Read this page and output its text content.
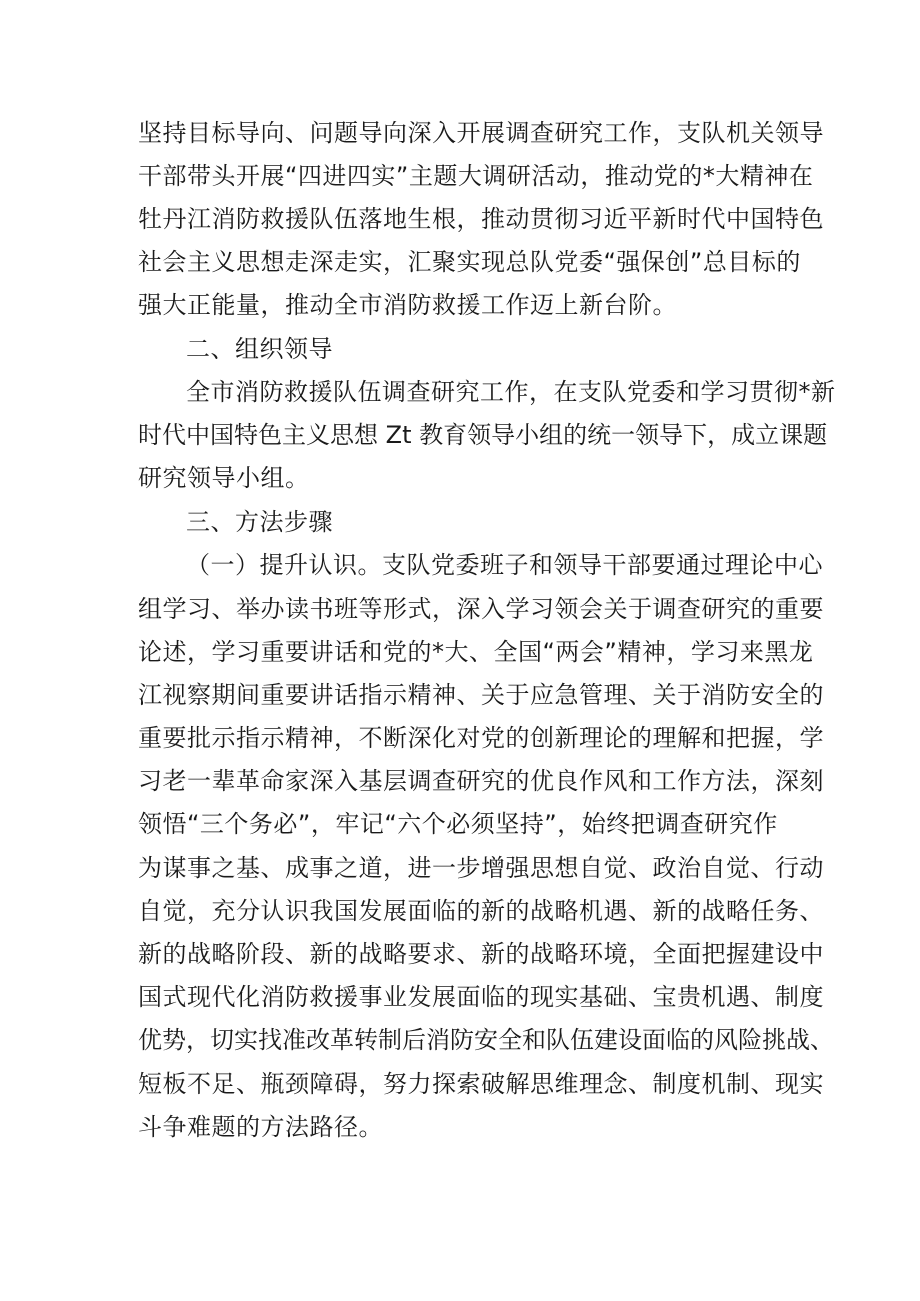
坚持目标导向、问题导向深入开展调查研究工作，支队机关领导
干部带头开展“四进四实”主题大调研活动，推动党的*大精神在
牡丹江消防救援队伍落地生根，推动贯彻习近平新时代中国特色
社会主义思想走深走实，汇聚实现总队党委“强保创”总目标的
强大正能量，推动全市消防救援工作迈上新台阶。
二、组织领导
全市消防救援队伍调查研究工作，在支队党委和学习贯彻*新
时代中国特色主义思想 Zt 教育领导小组的统一领导下，成立课题
研究领导小组。
三、方法步骤
（一）提升认识。支队党委班子和领导干部要通过理论中心
组学习、举办读书班等形式，深入学习领会关于调查研究的重要
论述，学习重要讲话和党的*大、全国“两会”精神，学习来黑龙
江视察期间重要讲话指示精神、关于应急管理、关于消防安全的
重要批示指示精神，不断深化对党的创新理论的理解和把握，学
习老一辈革命家深入基层调查研究的优良作风和工作方法，深刻
领悟“三个务必”，牢记“六个必须坚持”，始终把调查研究作
为谋事之基、成事之道，进一步增强思想自觉、政治自觉、行动
自觉，充分认识我国发展面临的新的战略机遇、新的战略任务、
新的战略阶段、新的战略要求、新的战略环境，全面把握建设中
国式现代化消防救援事业发展面临的现实基础、宝贵机遇、制度
优势，切实找准改革转制后消防安全和队伍建设面临的风险挑战、
短板不足、瓶颈障碍，努力探索破解思维理念、制度机制、现实
斗争难题的方法路径。
